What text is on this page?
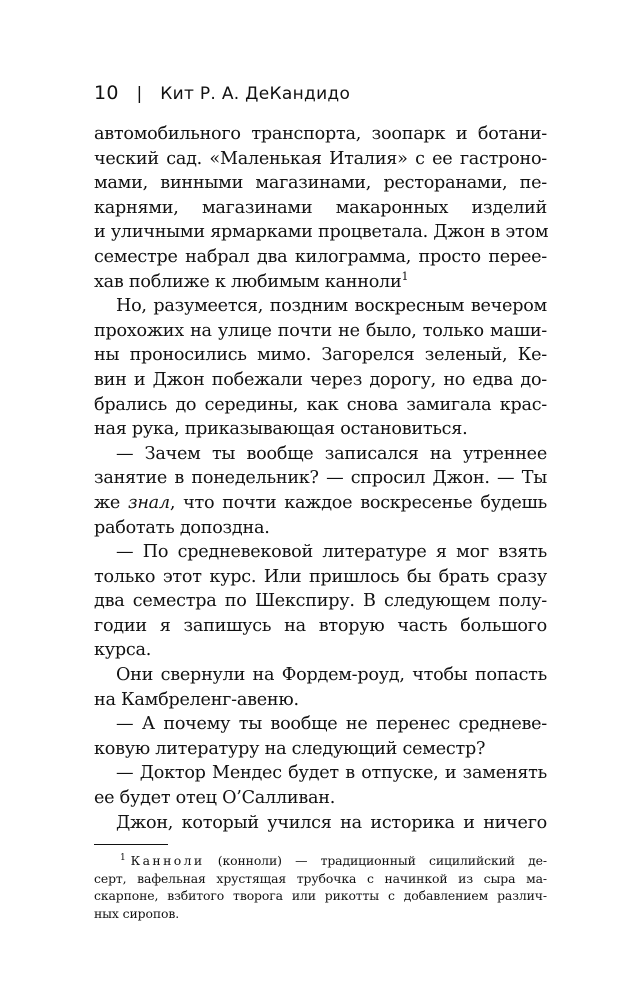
10 | Кит Р. А. ДеКандидо
автомобильного транспорта, зоопарк и ботани-
ческий сад. «Маленькая Италия» с ее гастроно-
мами, винными магазинами, ресторанами, пе-
карнями, магазинами макаронных изделий
и уличными ярмарками процветала. Джон в этом
семестре набрал два килограмма, просто переe-
хав поближе к любимым канноли$^1$
Но, разумеется, поздним воскресным вечером
прохожих на улице почти не было, только маши-
ны проносились мимо. Загорелся зеленый, Ке-
вин и Джон побежали через дорогу, но едва до-
брались до середины, как снова замигала крас-
ная рука, приказывающая остановиться.
— Зачем ты вообще записался на утреннее
занятие в понедельник? — спросил Джон. — Ты
же знал, что почти каждое воскресенье будешь
работать допоздна.
— По средневековой литературе я мог взять
только этот курс. Или пришлось бы брать сразу
два семестра по Шекспиру. В следующем полу-
годии я запишусь на вторую часть большого
курса.
Они свернули на Фордем-роуд, чтобы попасть
на Камбреленг-авеню.
— А почему ты вообще не перенес средневе-
ковую литературу на следующий семестр?
— Доктор Мендес будет в отпуске, и заменять
ее будет отец О’Салливан.
Джон, который учился на историка и ничего
$^1$ Канноли (конноли) — традиционный сицилийский де-
серт, вафельная хрустящая трубочка с начинкой из сыра ма-
скарпоне, взбитого творога или рикотты с добавлением различ-
ных сиропов.
